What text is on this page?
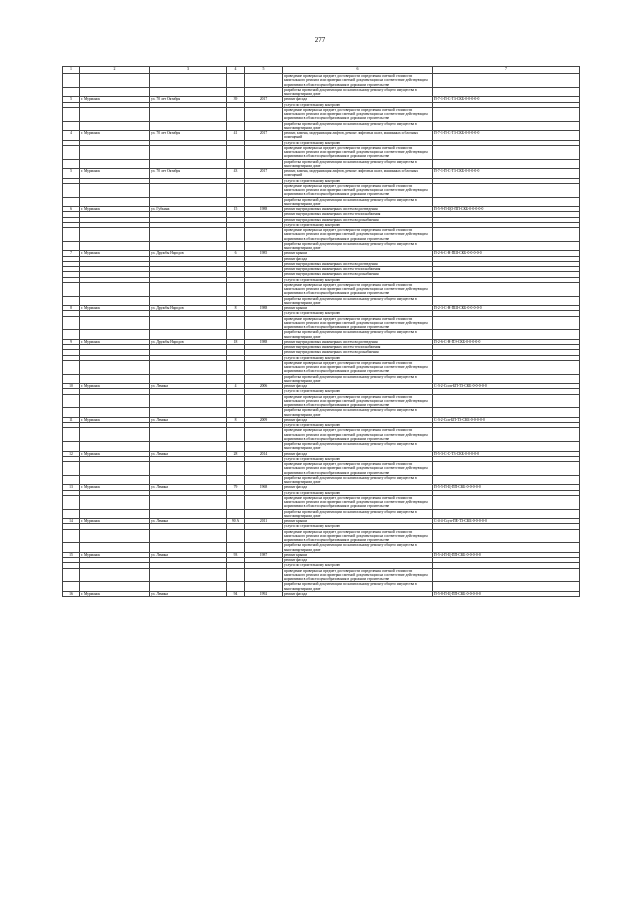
277
1	2	3	4	5	6	7
					проведение проверки на предмет достоверности определения сметной стоимости капитального ремонта или проверки сметной документации на соответствие действующим нормативам в области ценообразования в дорожном строительстве	
					разработка проектной документации по капитальному ремонту общего имущества в многоквартирном доме	
5	г. Мурманск	ул. 70 лет Октября	39	2017	ремонт фасада	П-7-1-П-С-Т3-СКБ-0-0-0-0-0
					услуги по строительному контролю	
					проведение проверки на предмет достоверности определения сметной стоимости капитального ремонта или проверки сметной документации на соответствие действующим нормативам в области ценообразования в дорожном строительстве	
					разработка проектной документации по капитальному ремонту общего имущества в многоквартирном доме	
4	г. Мурманск	ул. 70 лет Октября	41	2017	ремонт, замена, модернизация лифтов, ремонт лифтовых шахт, машинных и блочных помещений	П-7-1-П-С-Т3-СКБ-0-0-0-0-0
					услуги по строительному контролю	
					проведение проверки на предмет достоверности определения сметной стоимости капитального ремонта или проверки сметной документации на соответствие действующим нормативам в области ценообразования в дорожном строительстве	
					разработка проектной документации по капитальному ремонту общего имущества в многоквартирном доме	
5	г. Мурманск	ул. 70 лет Октября	43	2017	ремонт, замена, модернизация лифтов, ремонт лифтовых шахт, машинных и блочных помещений	П-7-1-П-С-Т3-СКБ-0-0-0-0-0
					услуги по строительному контролю	
					проведение проверки на предмет достоверности определения сметной стоимости капитального ремонта или проверки сметной документации на соответствие действующим нормативам в области ценообразования в дорожном строительстве	
					разработка проектной документации по капитальному ремонту общего имущества в многоквартирном доме	
6	г. Мурманск	ул. Губкина	15	1988	ремонт внутридомовых инженерных систем водоотведения	П-5-9-П-ЦО-ПП-СКБ-0-0-0-0-0
					ремонт внутридомовых инженерных систем теплоснабжения	
					ремонт внутридомовых инженерных систем водоснабжения	
					услуги по строительному контролю	
					проведение проверки на предмет достоверности определения сметной стоимости капитального ремонта или проверки сметной документации на соответствие действующим нормативам в области ценообразования в дорожном строительстве	
					разработка проектной документации по капитальному ремонту общего имущества в многоквартирном доме	
7	г. Мурманск	ул. Дружбы Народов	6	1985	ремонт крыши	П-2-6-С-Н-ПШ-СКБ-0-0-0-0-0
					ремонт фасада	
					ремонт внутридомовых инженерных систем водоотведения	
					ремонт внутридомовых инженерных систем теплоснабжения	
					ремонт внутридомовых инженерных систем водоснабжения	
					услуги по строительному контролю	
					проведение проверки на предмет достоверности определения сметной стоимости капитального ремонта или проверки сметной документации на соответствие действующим нормативам в области ценообразования в дорожном строительстве	
					разработка проектной документации по капитальному ремонту общего имущества в многоквартирном доме	
8	г. Мурманск	ул. Дружбы Народов	8	1988	ремонт крыши	П-2-3-С-Н-ПШ-СКБ-0-0-0-0-0
					услуги по строительному контролю	
					проведение проверки на предмет достоверности определения сметной стоимости капитального ремонта или проверки сметной документации на соответствие действующим нормативам в области ценообразования в дорожном строительстве	
					разработка проектной документации по капитальному ремонту общего имущества в многоквартирном доме	
9	г. Мурманск	ул. Дружбы Народов	18	1988	ремонт внутридомовых инженерных систем водоотведения	П-2-6-С-Н-ПЭ-СКБ-0-0-0-0-0
					ремонт внутридомовых инженерных систем теплоснабжения	
					ремонт внутридомовых инженерных систем водоснабжения	
					услуги по строительному контролю	
					проведение проверки на предмет достоверности определения сметной стоимости капитального ремонта или проверки сметной документации на соответствие действующим нормативам в области ценообразования в дорожном строительстве	
					разработка проектной документации по капитальному ремонту общего имущества в многоквартирном доме	
10	г. Мурманск	ул. Ленина	4	2006	ремонт фасада	С-3-2-Ссоп-БП-Т3-СКБ-0-0-0-0-0
					услуги по строительному контролю	
					проведение проверки на предмет достоверности определения сметной стоимости капитального ремонта или проверки сметной документации на соответствие действующим нормативам в области ценообразования в дорожном строительстве	
					разработка проектной документации по капитальному ремонту общего имущества в многоквартирном доме	
11	г. Мурманск	ул. Ленина	8	2009	ремонт фасада	С-3-2-Ссп-БП-Т3-СКБ-0-0-0-0-0
					услуги по строительному контролю	
					проведение проверки на предмет достоверности определения сметной стоимости капитального ремонта или проверки сметной документации на соответствие действующим нормативам в области ценообразования в дорожном строительстве	
					разработка проектной документации по капитальному ремонту общего имущества в многоквартирном доме	
12	г. Мурманск	ул. Ленина	28	2014	ремонт фасада	П-5-3-С-С-Т3-СКБ-0-0-0-0-0
					услуги по строительному контролю	
					проведение проверки на предмет достоверности определения сметной стоимости капитального ремонта или проверки сметной документации на соответствие действующим нормативам в области ценообразования в дорожном строительстве	
					разработка проектной документации по капитальному ремонту общего имущества в многоквартирном доме	
13	г. Мурманск	ул. Ленина	79	1968	ремонт фасада	П-5-5-П-Ц-ПП-СКБ-0-0-0-0-0
					услуги по строительному контролю	
					проведение проверки на предмет достоверности определения сметной стоимости капитального ремонта или проверки сметной документации на соответствие действующим нормативам в области ценообразования в дорожном строительстве	
					разработка проектной документации по капитальному ремонту общего имущества в многоквартирном доме	
14	г. Мурманск	ул. Ленина	90 А	2011	ремонт крыши	С-4-4-Ссуп-ПЕ-Т3-СКБ-0-0-0-0-0
					услуги по строительному контролю	
					проведение проверки на предмет достоверности определения сметной стоимости капитального ремонта или проверки сметной документации на соответствие действующим нормативам в области ценообразования в дорожном строительстве	
					разработка проектной документации по капитальному ремонту общего имущества в многоквартирном доме	
15	г. Мурманск	ул. Ленина	93	1987	ремонт крыши	П-5-4-П-Ц-ПП-СКБ-0-0-0-0-0
					ремонт фасада	
					услуги по строительному контролю	
					проведение проверки на предмет достоверности определения сметной стоимости капитального ремонта или проверки сметной документации на соответствие действующим нормативам в области ценообразования в дорожном строительстве	
					разработка проектной документации по капитальному ремонту общего имущества в многоквартирном доме	
16	г. Мурманск	ул. Ленина	94	1992	ремонт фасада	П-5-8-П-Ц-ПП-СКБ-0-0-0-0-0
